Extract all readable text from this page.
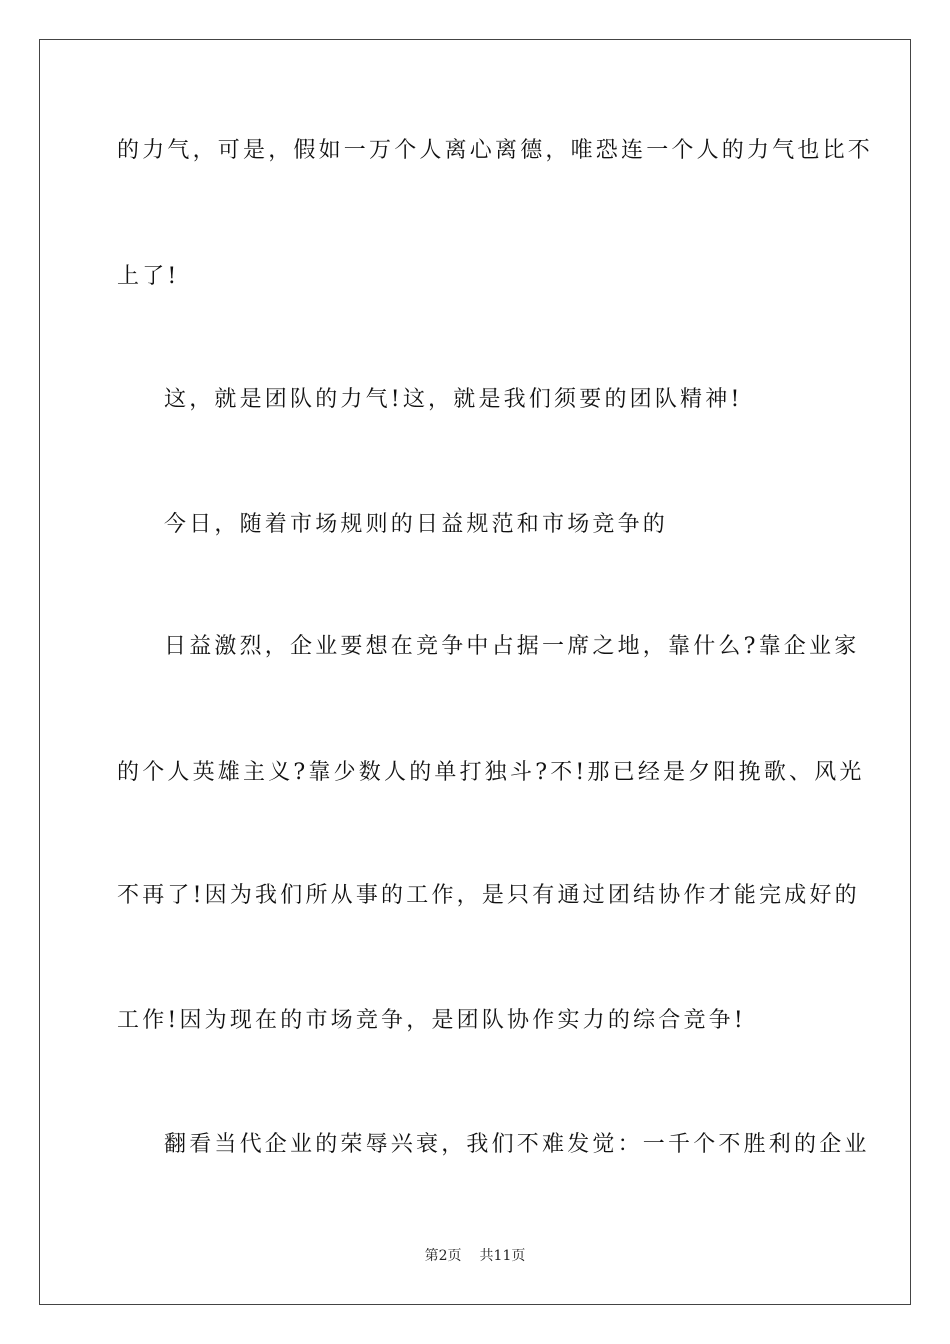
的力气，可是，假如一万个人离心离德，唯恐连一个人的力气也比不
上了!
这，就是团队的力气!这，就是我们须要的团队精神!
今日，随着市场规则的日益规范和市场竞争的
日益激烈，企业要想在竞争中占据一席之地，靠什么?靠企业家
的个人英雄主义?靠少数人的单打独斗?不!那已经是夕阳挽歌、风光
不再了!因为我们所从事的工作，是只有通过团结协作才能完成好的
工作!因为现在的市场竞争，是团队协作实力的综合竞争!
翻看当代企业的荣辱兴衰，我们不难发觉：一千个不胜利的企业
第2页 共11页
